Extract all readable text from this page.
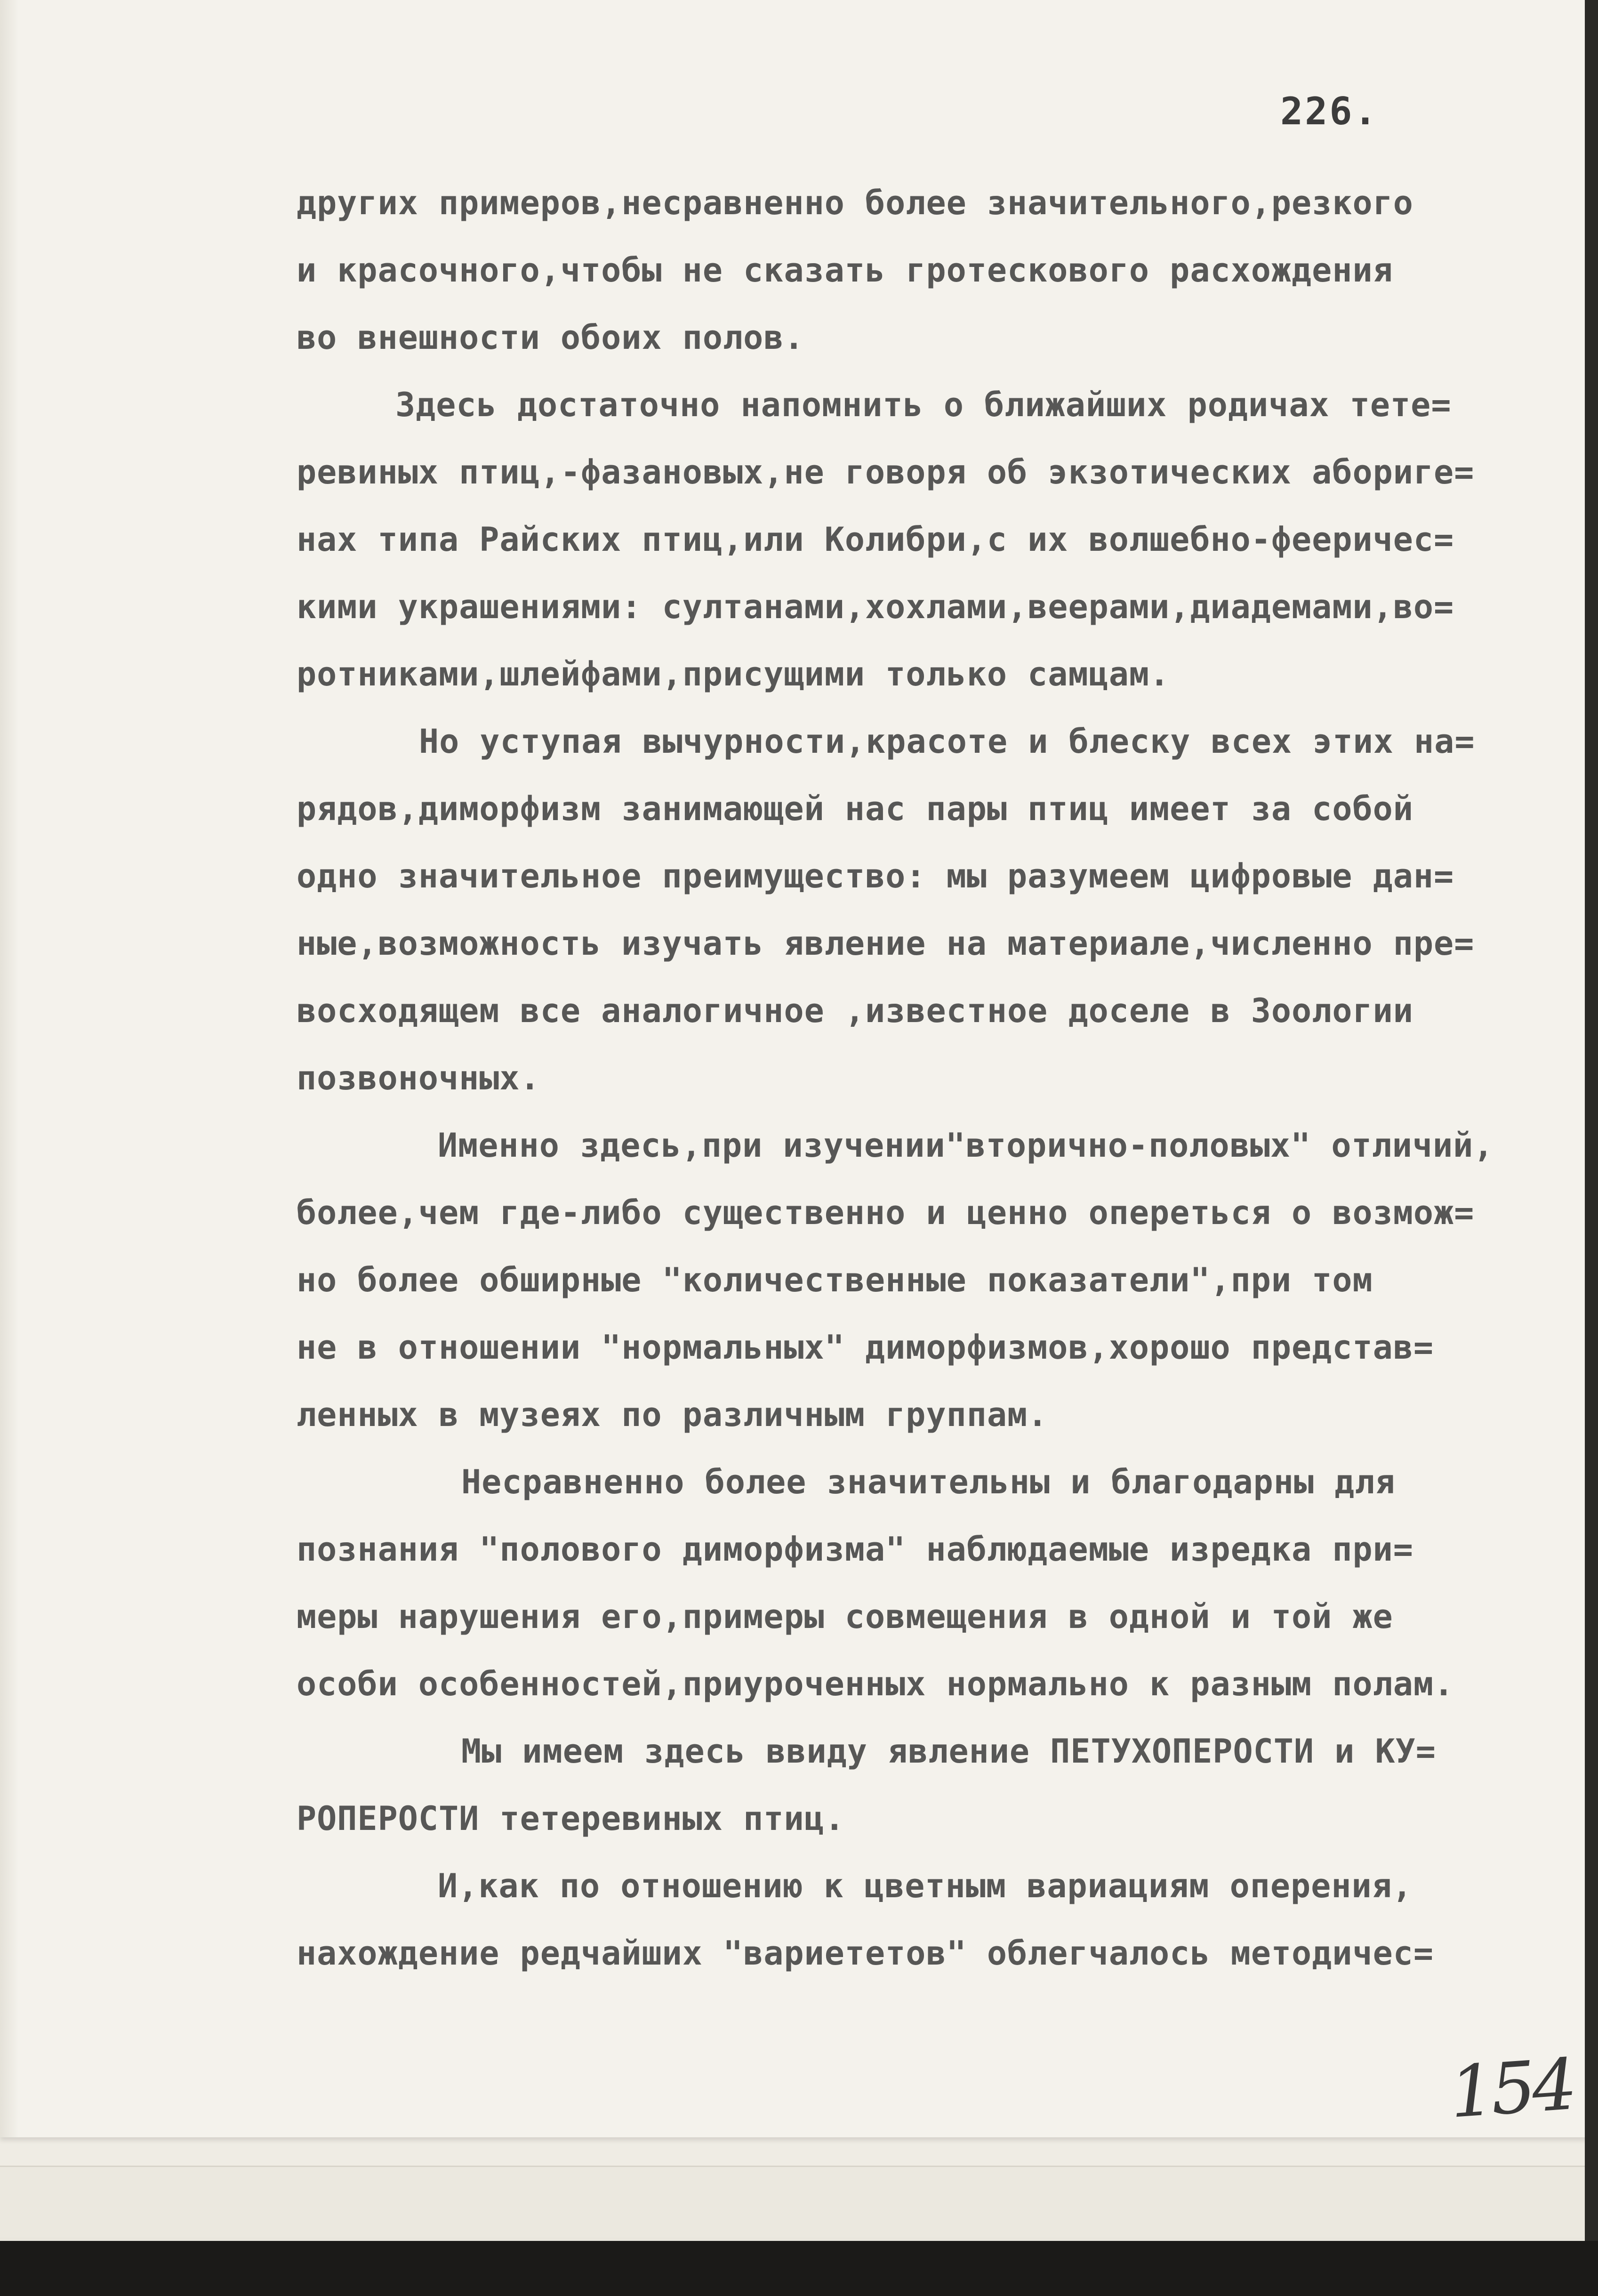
226.
других примеров,несравненно более значительного,резкого
и красочного,чтобы не сказать гротескового расхождения
во внешности обоих полов.
Здесь достаточно напомнить о ближайших родичах тете=
ревиных птиц,-фазановых,не говоря об экзотических абориге=
нах типа Райских птиц,или Колибри,с их волшебно-фееричес=
кими украшениями: султанами,хохлами,веерами,диадемами,во=
ротниками,шлейфами,присущими только самцам.
Но уступая вычурности,красоте и блеску всех этих на=
рядов,диморфизм занимающей нас пары птиц имеет за собой
одно значительное преимущество: мы разумеем цифровые дан=
ные,возможность изучать явление на материале,численно пре=
восходящем все аналогичное ,известное доселе в Зоологии
позвоночных.
Именно здесь,при изучении"вторично-половых" отличий,
более,чем где-либо существенно и ценно опереться о возмож=
но более обширные "количественные показатели",при том
не в отношении "нормальных" диморфизмов,хорошо представ=
ленных в музеях по различным группам.
Несравненно более значительны и благодарны для
познания "полового диморфизма" наблюдаемые изредка при=
меры нарушения его,примеры совмещения в одной и той же
особи особенностей,приуроченных нормально к разным полам.
Мы имеем здесь ввиду явление ПЕТУХОПЕРОСТИ и КУ=
РОПЕРОСТИ тетеревиных птиц.
И,как по отношению к цветным вариациям оперения,
нахождение редчайших "вариететов" облегчалось методичес=
154
